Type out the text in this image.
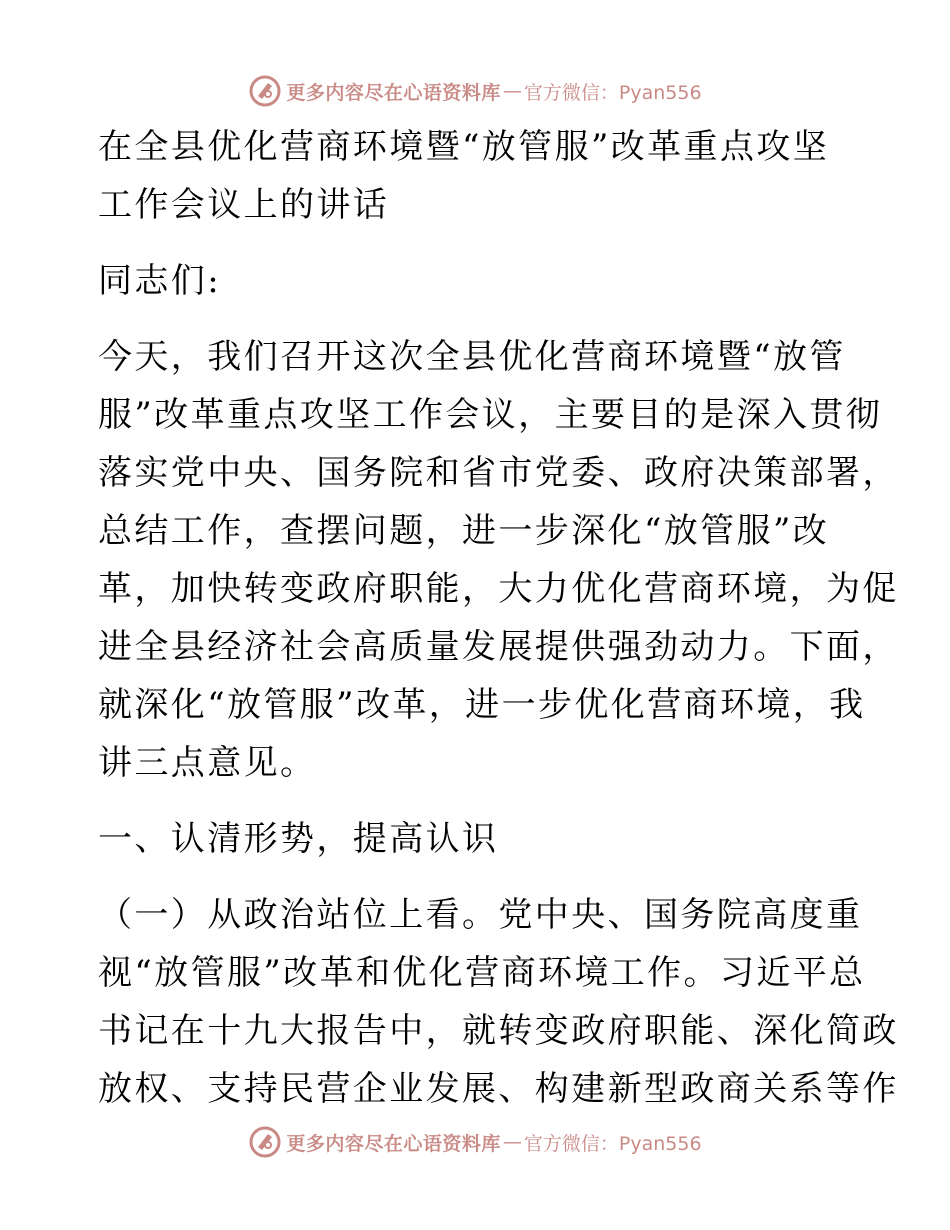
更多内容尽在心语资料库 — 官方微信：Pyan556
在全县优化营商环境暨“放管服”改革重点攻坚
工作会议上的讲话
同志们:
今天，我们召开这次全县优化营商环境暨“放管
服”改革重点攻坚工作会议，主要目的是深入贯彻
落实党中央、国务院和省市党委、政府决策部署，
总结工作，查摆问题，进一步深化“放管服”改
革，加快转变政府职能，大力优化营商环境，为促
进全县经济社会高质量发展提供强劲动力。下面，
就深化“放管服”改革，进一步优化营商环境，我
讲三点意见。
一、认清形势，提高认识
（一）从政治站位上看。党中央、国务院高度重
视“放管服”改革和优化营商环境工作。习近平总
书记在十九大报告中，就转变政府职能、深化简政
放权、支持民营企业发展、构建新型政商关系等作
更多内容尽在心语资料库 — 官方微信：Pyan556
